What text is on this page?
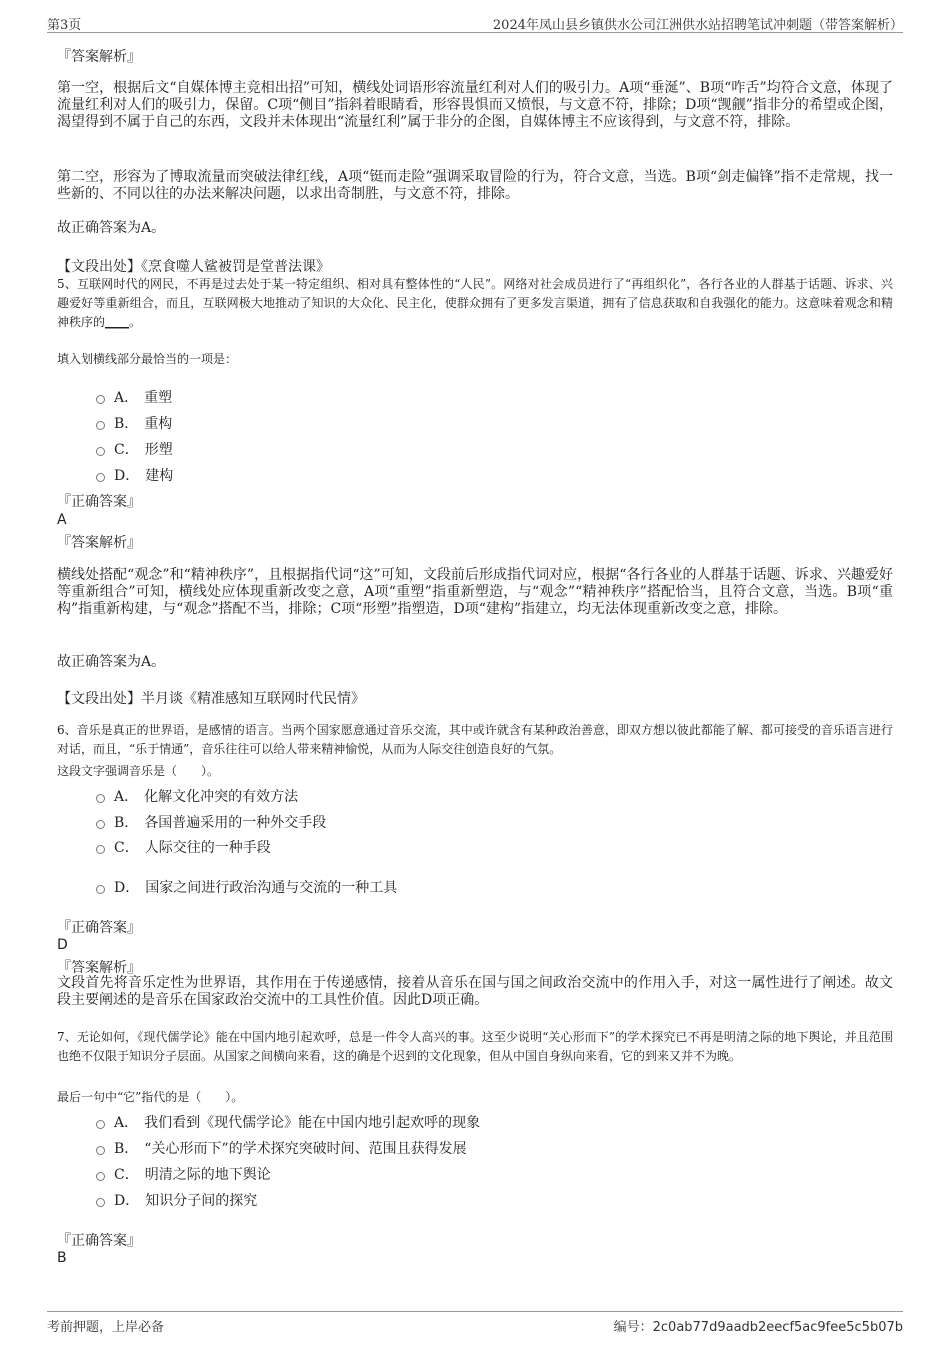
第3页	2024年凤山县乡镇供水公司江洲供水站招聘笔试冲刺题（带答案解析）
『答案解析』
第一空，根据后文“自媒体博主竞相出招”可知，横线处词语形容流量红利对人们的吸引力。A项“垂涎”、B项“咋舌”均符合文意，体现了流量红利对人们的吸引力，保留。C项“侧目”指斜着眼睛看，形容畏惧而又愤恨，与文意不符，排除；D项“觊觎”指非分的希望或企图，渴望得到不属于自己的东西，文段并未体现出“流量红利”属于非分的企图，自媒体博主不应该得到，与文意不符，排除。
第二空，形容为了博取流量而突破法律红线，A项“铤而走险”强调采取冒险的行为，符合文意，当选。B项“剑走偏锋”指不走常规，找一些新的、不同以往的办法来解决问题，以求出奇制胜，与文意不符，排除。
故正确答案为A。
【文段出处】《烹食噬人鲨被罚是堂普法课》
5、互联网时代的网民，不再是过去处于某一特定组织、相对具有整体性的“人民”。网络对社会成员进行了“再组织化”，各行各业的人群基于话题、诉求、兴趣爱好等重新组合，而且，互联网极大地推动了知识的大众化、民主化，使群众拥有了更多发言渠道，拥有了信息获取和自我强化的能力。这意味着观念和精神秩序的____。
填入划横线部分最恰当的一项是：
A． 重塑
B． 重构
C． 形塑
D． 建构
『正确答案』
A
『答案解析』
横线处搭配“观念”和“精神秩序”，且根据指代词“这”可知，文段前后形成指代词对应，根据“各行各业的人群基于话题、诉求、兴趣爱好等重新组合”可知，横线处应体现重新改变之意，A项“重塑”指重新塑造，与“观念”“精神秩序”搭配恰当，且符合文意，当选。B项“重构”指重新构建，与“观念”搭配不当，排除；C项“形塑”指塑造，D项“建构”指建立，均无法体现重新改变之意，排除。
故正确答案为A。
【文段出处】半月谈《精准感知互联网时代民情》
6、音乐是真正的世界语，是感情的语言。当两个国家愿意通过音乐交流，其中或许就含有某种政治善意，即双方想以彼此都能了解、都可接受的音乐语言进行对话，而且，“乐于情通”，音乐往往可以给人带来精神愉悦，从而为人际交往创造良好的气氛。
这段文字强调音乐是（　　）。
A． 化解文化冲突的有效方法
B． 各国普遍采用的一种外交手段
C． 人际交往的一种手段
D． 国家之间进行政治沟通与交流的一种工具
『正确答案』
D
『答案解析』
文段首先将音乐定性为世界语，其作用在于传递感情，接着从音乐在国与国之间政治交流中的作用入手，对这一属性进行了阐述。故文段主要阐述的是音乐在国家政治交流中的工具性价值。因此D项正确。
7、无论如何，《现代儒学论》能在中国内地引起欢呼，总是一件令人高兴的事。这至少说明“关心形而下”的学术探究已不再是明清之际的地下舆论，并且范围也绝不仅限于知识分子层面。从国家之间横向来看，这的确是个迟到的文化现象，但从中国自身纵向来看，它的到来又并不为晚。
最后一句中“它”指代的是（　　）。
A． 我们看到《现代儒学论》能在中国内地引起欢呼的现象
B． “关心形而下”的学术探究突破时间、范围且获得发展
C． 明清之际的地下舆论
D． 知识分子间的探究
『正确答案』
B
考前押题，上岸必备	编号：2c0ab77d9aadb2eecf5ac9fee5c5b07b
